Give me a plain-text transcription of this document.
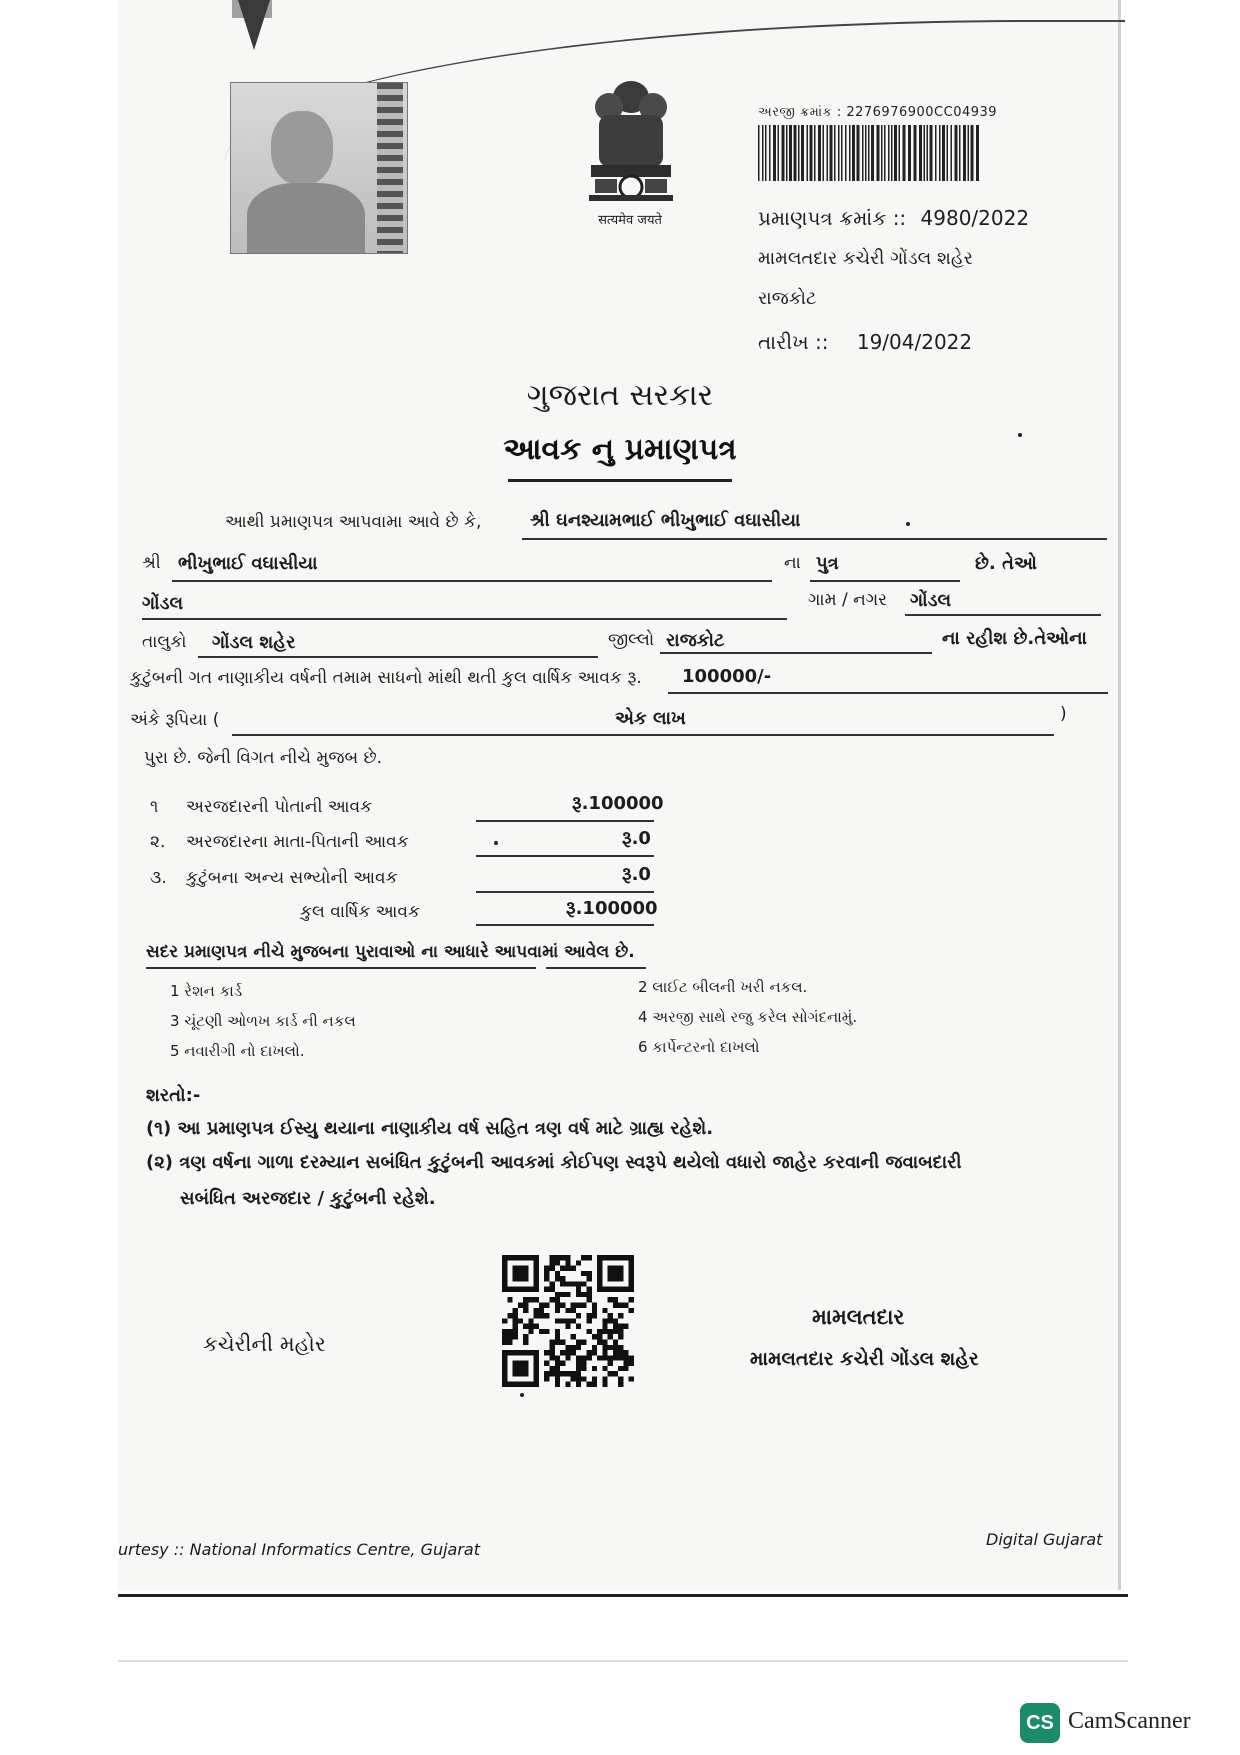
सत्यमेव जयते
અરજી ક્રમાંક : 2276976900CC04939
પ્રમાણપત્ર ક્રમાંક :: 4980/2022
મામલતદાર કચેરી ગોંડલ શહેર
રાજકોટ
તારીખ :: 19/04/2022
ગુજરાત સરકાર
આવક નુ પ્રમાણપત્ર
આથી પ્રમાણપત્ર આપવામા આવે છે કે,	શ્રી ઘનશ્યામભાઈ ભીખુભાઈ વઘાસીયા
શ્રી ભીખુભાઈ વઘાસીયા	ના પુત્ર	છે. તેઓ
ગોંડલ	ગામ / નગર ગોંડલ
તાલુકો ગોંડલ શહેર	જીલ્લો રાજકોટ	ના રહીશ છે.તેઓના
કુટુંબની ગત નાણાકીય વર્ષની તમામ સાધનો માંથી થતી કુલ વાર્ષિક આવક રૂ. 100000/-
અંકે રૂપિયા (	એક લાખ	)
પુરા છે. જેની વિગત નીચે મુજબ છે.
૧ અરજદારની પોતાની આવક	રૂ.100000
૨. અરજદારના માતા-પિતાની આવક	રૂ.0
૩. કુટુંબના અન્ય સભ્યોની આવક	રૂ.0
કુલ વાર્ષિક આવક	રૂ.100000
સદર પ્રમાણપત્ર નીચે મુજબના પુરાવાઓ ના આધારે આપવામાં આવેલ છે.
1 રેશન કાર્ડ	2 લાઈટ બીલની ખરી નકલ.
3 ચૂંટણી ઓળખ કાર્ડ ની નકલ	4 અરજી સાથે રજુ કરેલ સોગંદનામું.
5 નવારીગી નો દાખલો.	6 કાર્પેન્ટરનો દાખલો
શરતો:-
(૧) આ પ્રમાણપત્ર ઈસ્યુ થયાના નાણાકીય વર્ષ સહિત ત્રણ વર્ષ માટે ગ્રાહ્ય રહેશે.
(૨) ત્રણ વર્ષના ગાળા દરમ્યાન સબંધિત કુટુંબની આવકમાં કોઈપણ સ્વરૂપે થયેલો વધારો જાહેર કરવાની જવાબદારી
સબંધિત અરજદાર / કુટુંબની રહેશે.
કચેરીની મહોર
મામલતદાર
મામલતદાર કચેરી ગોંડલ શહેર
urtesy :: National Informatics Centre, Gujarat
Digital Gujarat
CS CamScanner
